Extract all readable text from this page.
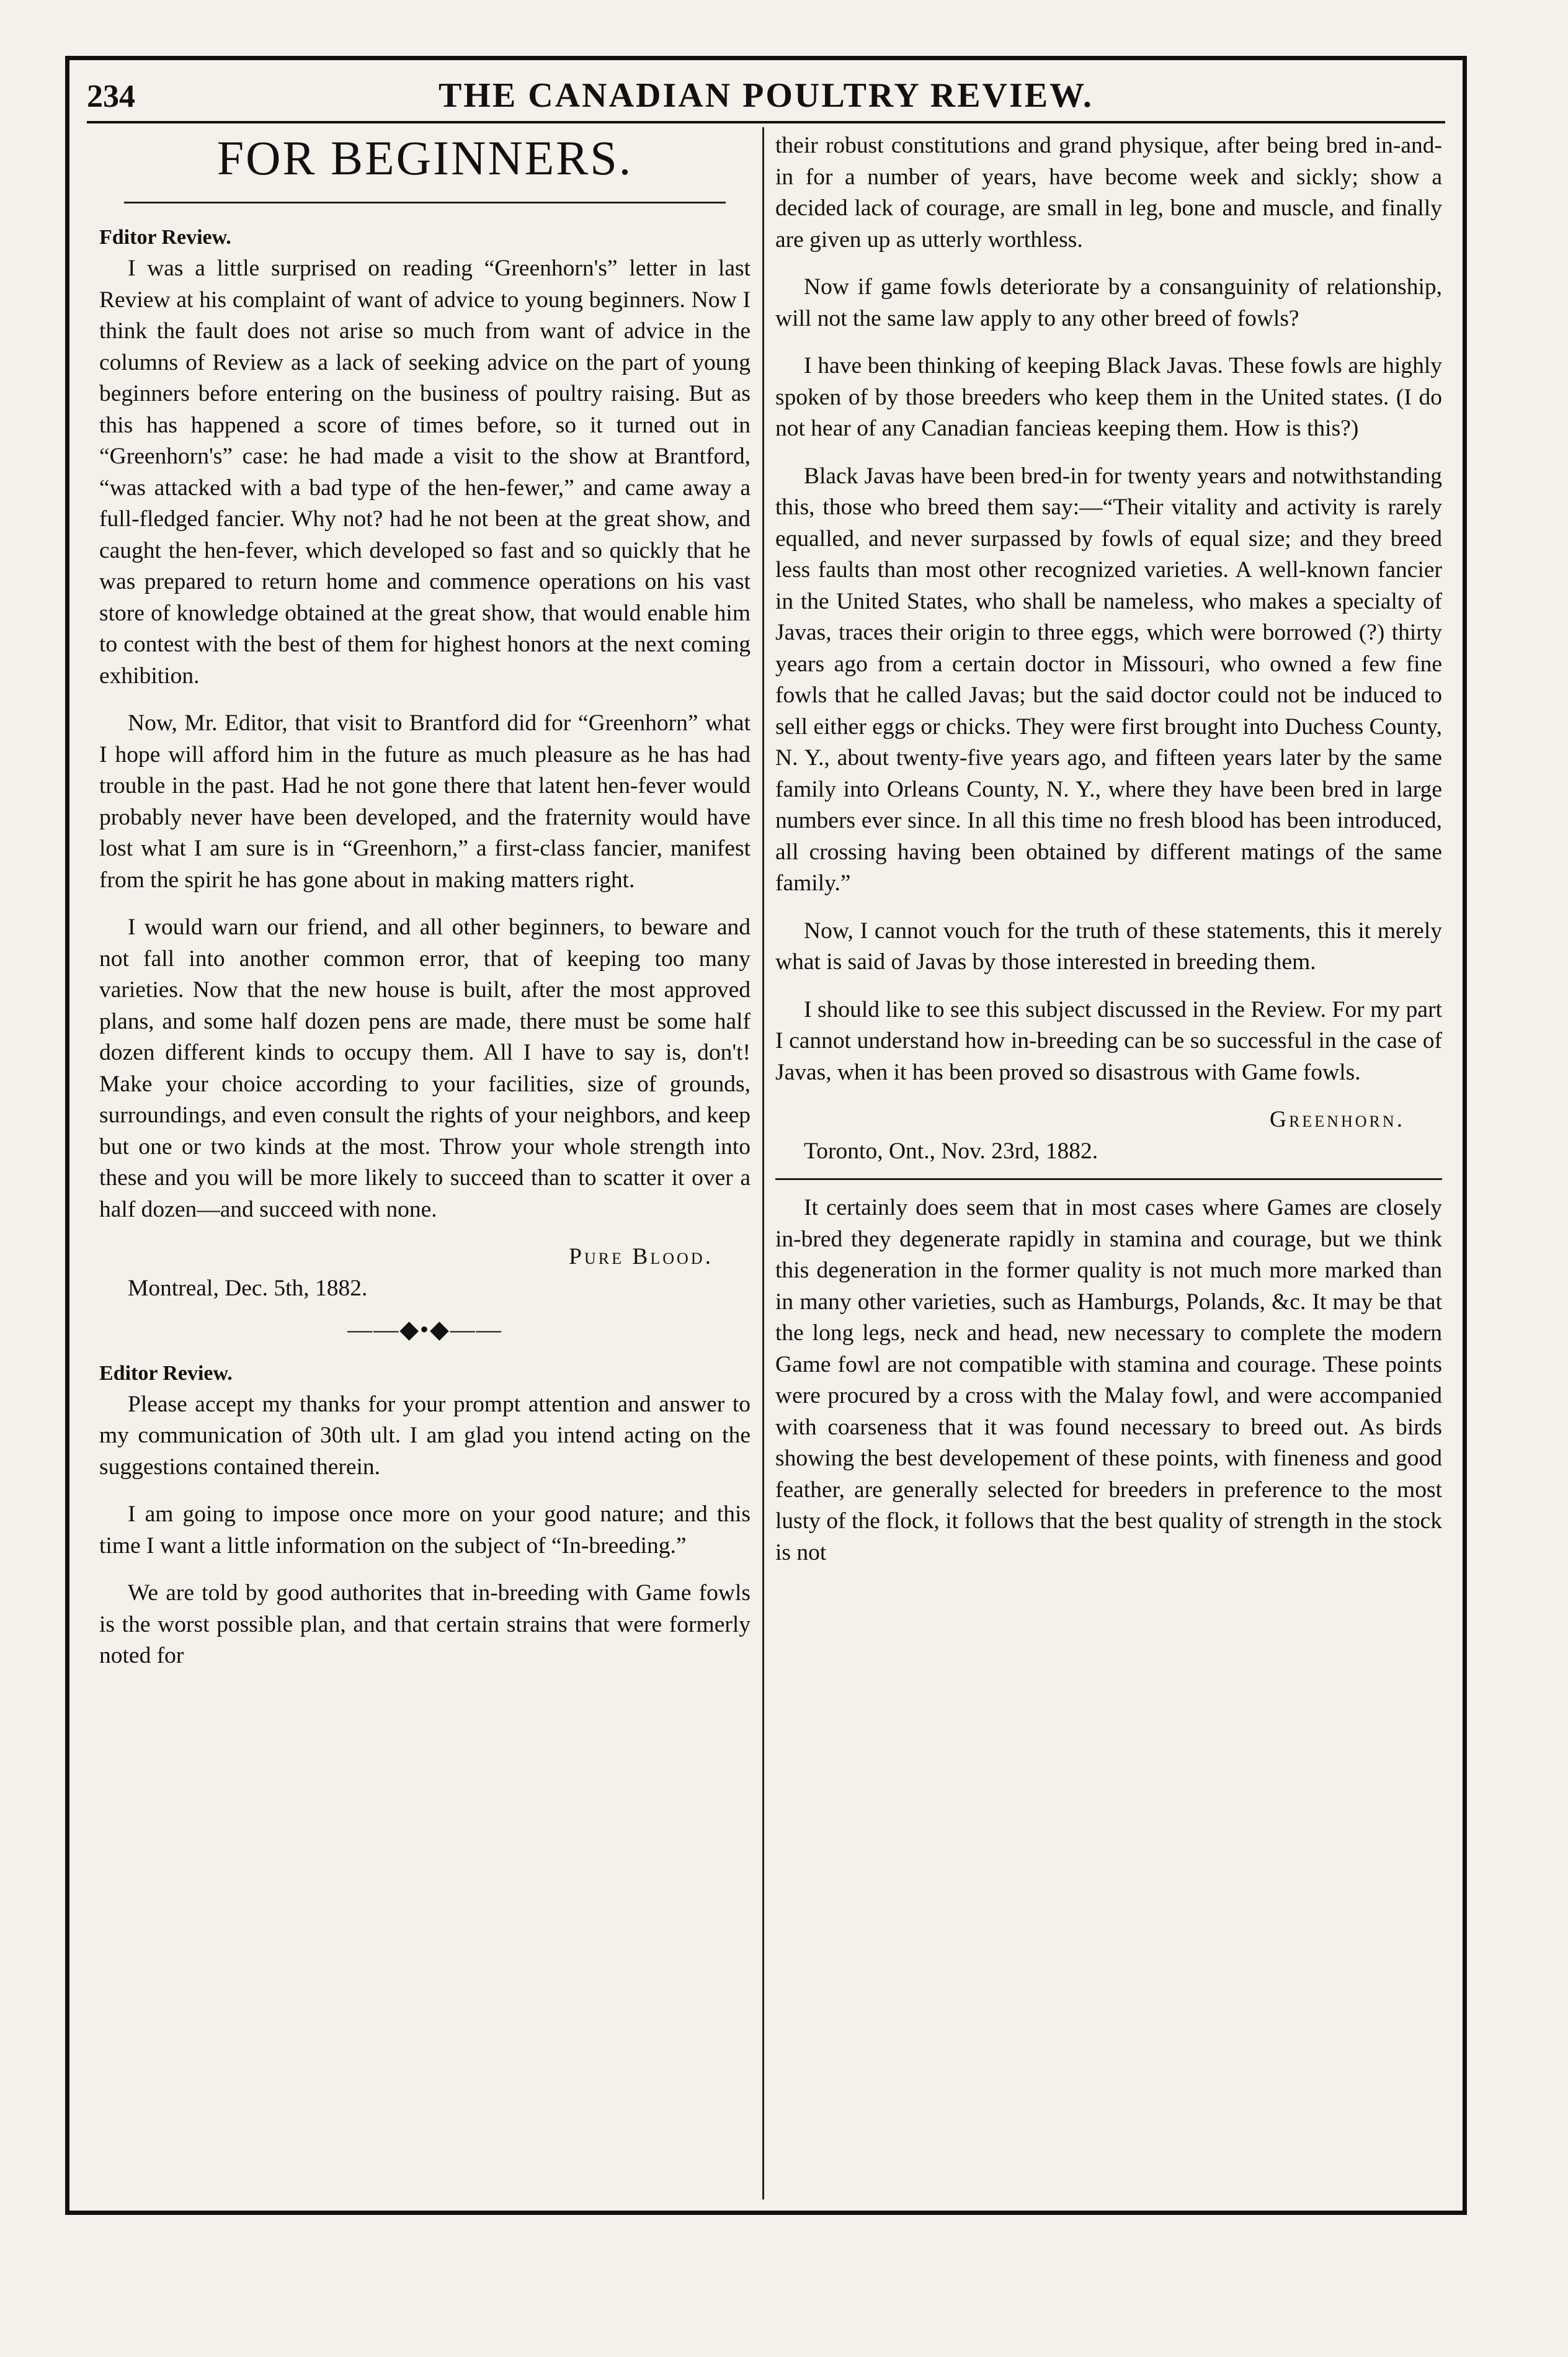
234	THE CANADIAN POULTRY REVIEW.
FOR BEGINNERS.

Fditor Review.

I was a little surprised on reading “Greenhorn's” letter in last Review at his complaint of want of advice to young beginners. Now I think the fault does not arise so much from want of advice in the columns of Review as a lack of seeking advice on the part of young beginners before entering on the business of poultry raising. But as this has happened a score of times before, so it turned out in “Greenhorn's” case: he had made a visit to the show at Brantford, “was attacked with a bad type of the hen-fewer,” and came away a full-fledged fancier. Why not? had he not been at the great show, and caught the hen-fever, which developed so fast and so quickly that he was prepared to return home and commence operations on his vast store of knowledge obtained at the great show, that would enable him to contest with the best of them for highest honors at the next coming exhibition.

Now, Mr. Editor, that visit to Brantford did for “Greenhorn” what I hope will afford him in the future as much pleasure as he has had trouble in the past. Had he not gone there that latent hen-fever would probably never have been developed, and the fraternity would have lost what I am sure is in “Greenhorn,” a first-class fancier, manifest from the spirit he has gone about in making matters right.

I would warn our friend, and all other beginners, to beware and not fall into another common error, that of keeping too many varieties. Now that the new house is built, after the most approved plans, and some half dozen pens are made, there must be some half dozen different kinds to occupy them. All I have to say is, don't! Make your choice according to your facilities, size of grounds, surroundings, and even consult the rights of your neighbors, and keep but one or two kinds at the most. Throw your whole strength into these and you will be more likely to succeed than to scatter it over a half dozen—and succeed with none.

Pure Blood.

Montreal, Dec. 5th, 1882.

——◆•◆——

Editor Review.

Please accept my thanks for your prompt attention and answer to my communication of 30th ult. I am glad you intend acting on the suggestions contained therein.

I am going to impose once more on your good nature; and this time I want a little information on the subject of “In-breeding.”

We are told by good authorites that in-breeding with Game fowls is the worst possible plan, and that certain strains that were formerly noted for

their robust constitutions and grand physique, after being bred in-and-in for a number of years, have become week and sickly; show a decided lack of courage, are small in leg, bone and muscle, and finally are given up as utterly worthless.

Now if game fowls deteriorate by a consanguinity of relationship, will not the same law apply to any other breed of fowls?

I have been thinking of keeping Black Javas. These fowls are highly spoken of by those breeders who keep them in the United states. (I do not hear of any Canadian fancieas keeping them. How is this?)

Black Javas have been bred-in for twenty years and notwithstanding this, those who breed them say:—“Their vitality and activity is rarely equalled, and never surpassed by fowls of equal size; and they breed less faults than most other recognized varieties. A well-known fancier in the United States, who shall be nameless, who makes a specialty of Javas, traces their origin to three eggs, which were borrowed (?) thirty years ago from a certain doctor in Missouri, who owned a few fine fowls that he called Javas; but the said doctor could not be induced to sell either eggs or chicks. They were first brought into Duchess County, N. Y., about twenty-five years ago, and fifteen years later by the same family into Orleans County, N. Y., where they have been bred in large numbers ever since. In all this time no fresh blood has been introduced, all crossing having been obtained by different matings of the same family.”

Now, I cannot vouch for the truth of these statements, this it merely what is said of Javas by those interested in breeding them.

I should like to see this subject discussed in the Review. For my part I cannot understand how in-breeding can be so successful in the case of Javas, when it has been proved so disastrous with Game fowls.

Greenhorn.

Toronto, Ont., Nov. 23rd, 1882.

It certainly does seem that in most cases where Games are closely in-bred they degenerate rapidly in stamina and courage, but we think this degeneration in the former quality is not much more marked than in many other varieties, such as Hamburgs, Polands, &c. It may be that the long legs, neck and head, new necessary to complete the modern Game fowl are not compatible with stamina and courage. These points were procured by a cross with the Malay fowl, and were accompanied with coarseness that it was found necessary to breed out. As birds showing the best developement of these points, with fineness and good feather, are generally selected for breeders in preference to the most lusty of the flock, it follows that the best quality of strength in the stock is not
